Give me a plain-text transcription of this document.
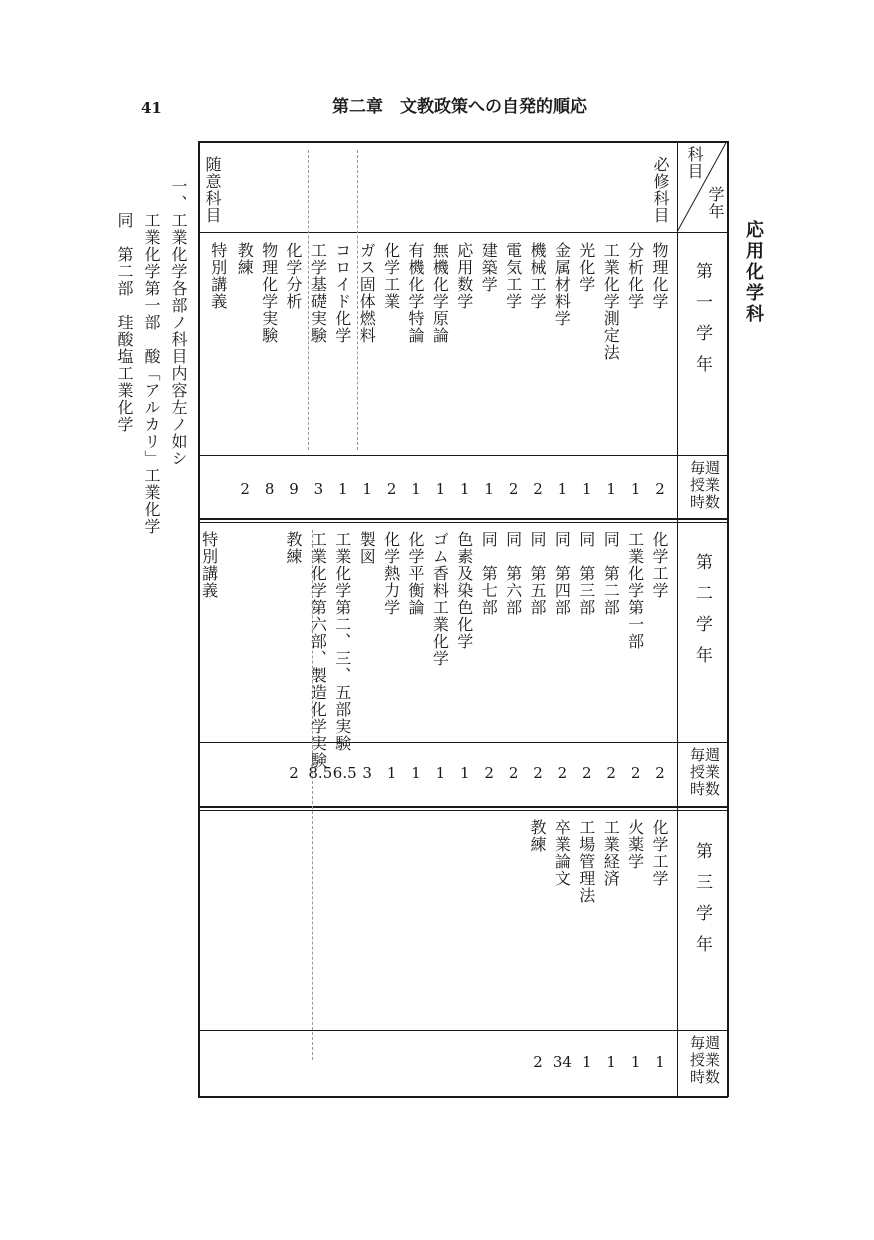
41	第二章　文教政策への自発的順応
応用化学科
科目
学年
必修科目
随意科目
第一学年
第二学年
第三学年
毎週授業時数
毎週授業時数
毎週授業時数
物理化学
2
分析化学
1
工業化学測定法
1
光化学
1
金属材料学
1
機械工学
2
電気工学
2
建築学
1
応用数学
1
無機化学原論
1
有機化学特論
1
化学工業
2
ガス固体燃料
1
コロイド化学
1
工学基礎実験
3
化学分析
9
物理化学実験
8
教練
2
特別講義
化学工学
2
工業化学第一部
2
同　第二部
2
同　第三部
2
同　第四部
2
同　第五部
2
同　第六部
2
同　第七部
2
色素及染色化学
1
ゴム香料工業化学
1
化学平衡論
1
化学熱力学
1
製図
3
工業化学第二、三、五部実験
6.5
工業化学第六部、製造化学実験
8.5
教練
2
特別講義
化学工学
1
火薬学
1
工業経済
1
工場管理法
1
卒業論文
34
教練
2
一、工業化学各部ノ科目内容左ノ如シ
工業化学第一部　酸「アルカリ」工業化学
同　第二部　珪酸塩工業化学
